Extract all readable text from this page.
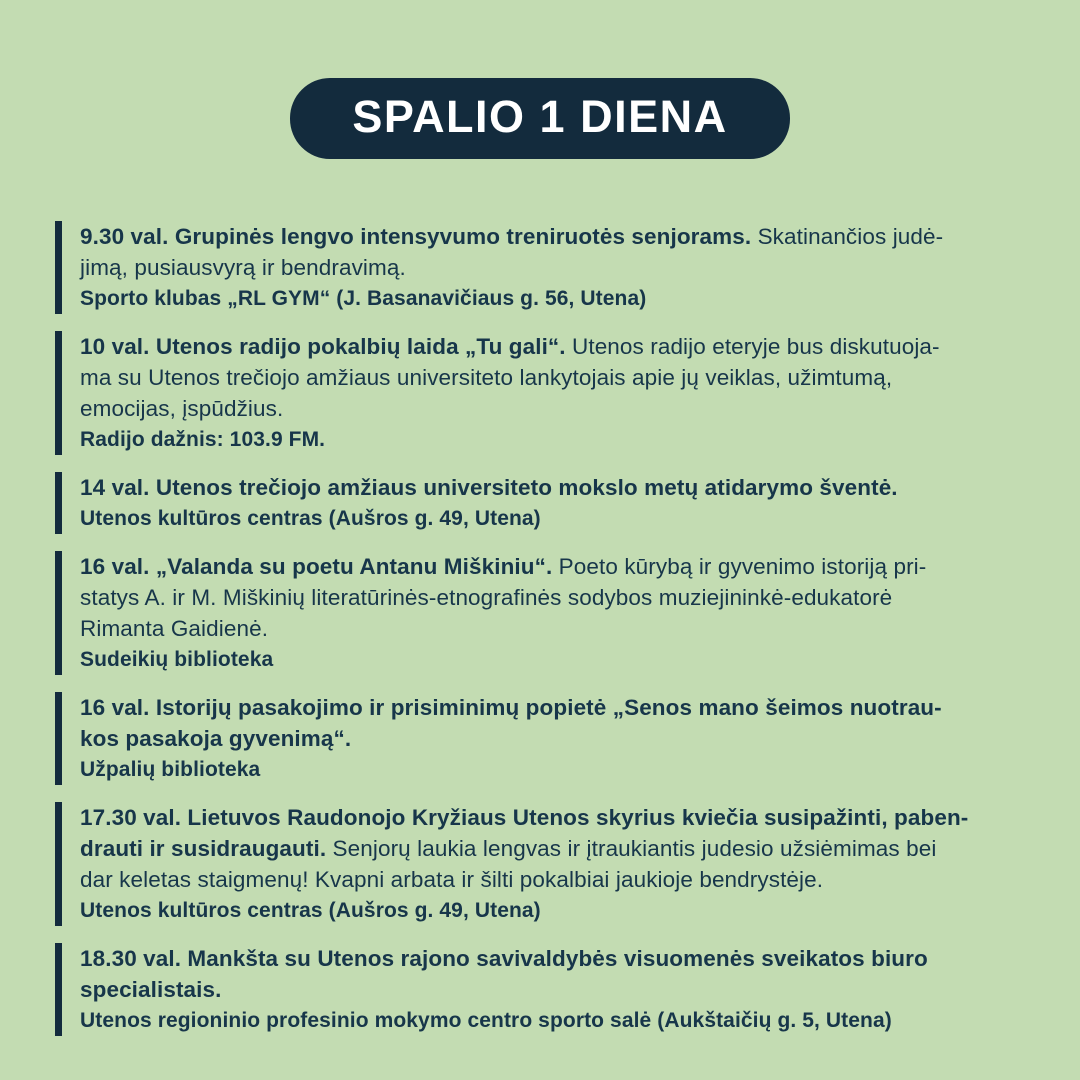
SPALIO 1 DIENA
9.30 val. Grupinės lengvo intensyvumo treniruotės senjorams. Skatinančios judė-
jimą, pusiausvyrą ir bendravimą.
Sporto klubas „RL GYM“ (J. Basanavičiaus g. 56, Utena)
10 val. Utenos radijo pokalbių laida „Tu gali“. Utenos radijo eteryje bus diskutuoja-
ma su Utenos trečiojo amžiaus universiteto lankytojais apie jų veiklas, užimtumą,
emocijas, įspūdžius.
Radijo dažnis: 103.9 FM.
14 val. Utenos trečiojo amžiaus universiteto mokslo metų atidarymo šventė.
Utenos kultūros centras (Aušros g. 49, Utena)
16 val. „Valanda su poetu Antanu Miškiniu“. Poeto kūrybą ir gyvenimo istoriją pri-
statys A. ir M. Miškinių literatūrinės-etnografinės sodybos muziejininkė-edukatorė
Rimanta Gaidienė.
Sudeikių biblioteka
16 val. Istorijų pasakojimo ir prisiminimų popietė „Senos mano šeimos nuotrau-
kos pasakoja gyvenimą“.
Užpalių biblioteka
17.30 val. Lietuvos Raudonojo Kryžiaus Utenos skyrius kviečia susipažinti, paben-
drauti ir susidraugauti. Senjorų laukia lengvas ir įtraukiantis judesio užsiėmimas bei
dar keletas staigmenų! Kvapni arbata ir šilti pokalbiai jaukioje bendrystėje.
Utenos kultūros centras (Aušros g. 49, Utena)
18.30 val. Mankšta su Utenos rajono savivaldybės visuomenės sveikatos biuro
specialistais.
Utenos regioninio profesinio mokymo centro sporto salė (Aukštaičių g. 5, Utena)
